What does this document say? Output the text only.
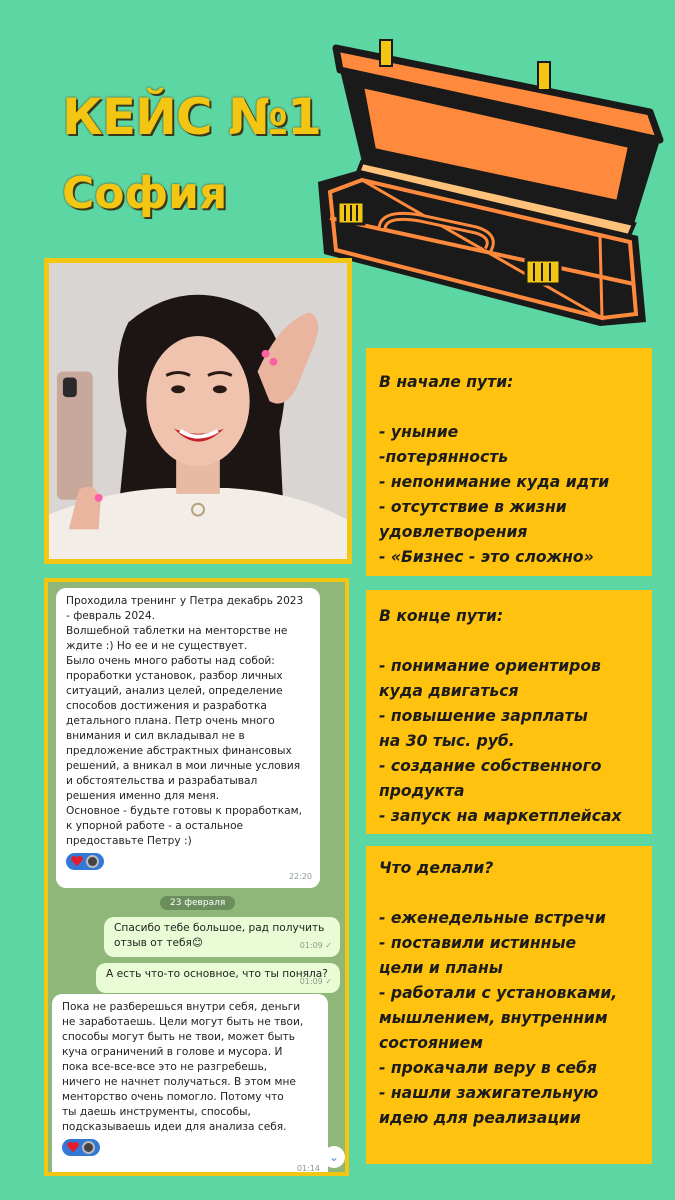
КЕЙС №1
София
Проходила тренинг у Петра декабрь 2023
- февраль 2024.
Волшебной таблетки на менторстве не
ждите :) Но ее и не существует.
Было очень много работы над собой:
проработки установок, разбор личных
ситуаций, анализ целей, определение
способов достижения и разработка
детального плана. Петр очень много
внимания и сил вкладывал не в
предложение абстрактных финансовых
решений, а вникал в мои личные условия
и обстоятельства и разрабатывал
решения именно для меня.
Основное - будьте готовы к проработкам,
к упорной работе - а остальное
предоставьте Петру :)
22:20
23 февраля
Спасибо тебе большое, рад получить
отзыв от тебя😊	01:09 ✓
А есть что-то основное, что ты поняла?
01:09 ✓
Пока не разберешься внутри себя, деньги
не заработаешь. Цели могут быть не твои,
способы могут быть не твои, может быть
куча ограничений в голове и мусора. И
пока все-все-все это не разгребешь,
ничего не начнет получаться. В этом мне
менторство очень помогло. Потому что
ты даешь инструменты, способы,
подсказываешь идеи для анализа себя.
01:14
⌄
В начале пути:
- уныние
-потерянность
- непонимание куда идти
- отсутствие в жизни
удовлетворения
- «Бизнес - это сложно»
В конце пути:
- понимание ориентиров
куда двигаться
- повышение зарплаты
на 30 тыс. руб.
- создание собственного
продукта
- запуск на маркетплейсах
Что делали?
- еженедельные встречи
- поставили истинные
цели и планы
- работали с установками,
мышлением, внутренним
состоянием
- прокачали веру в себя
- нашли зажигательную
идею для реализации
